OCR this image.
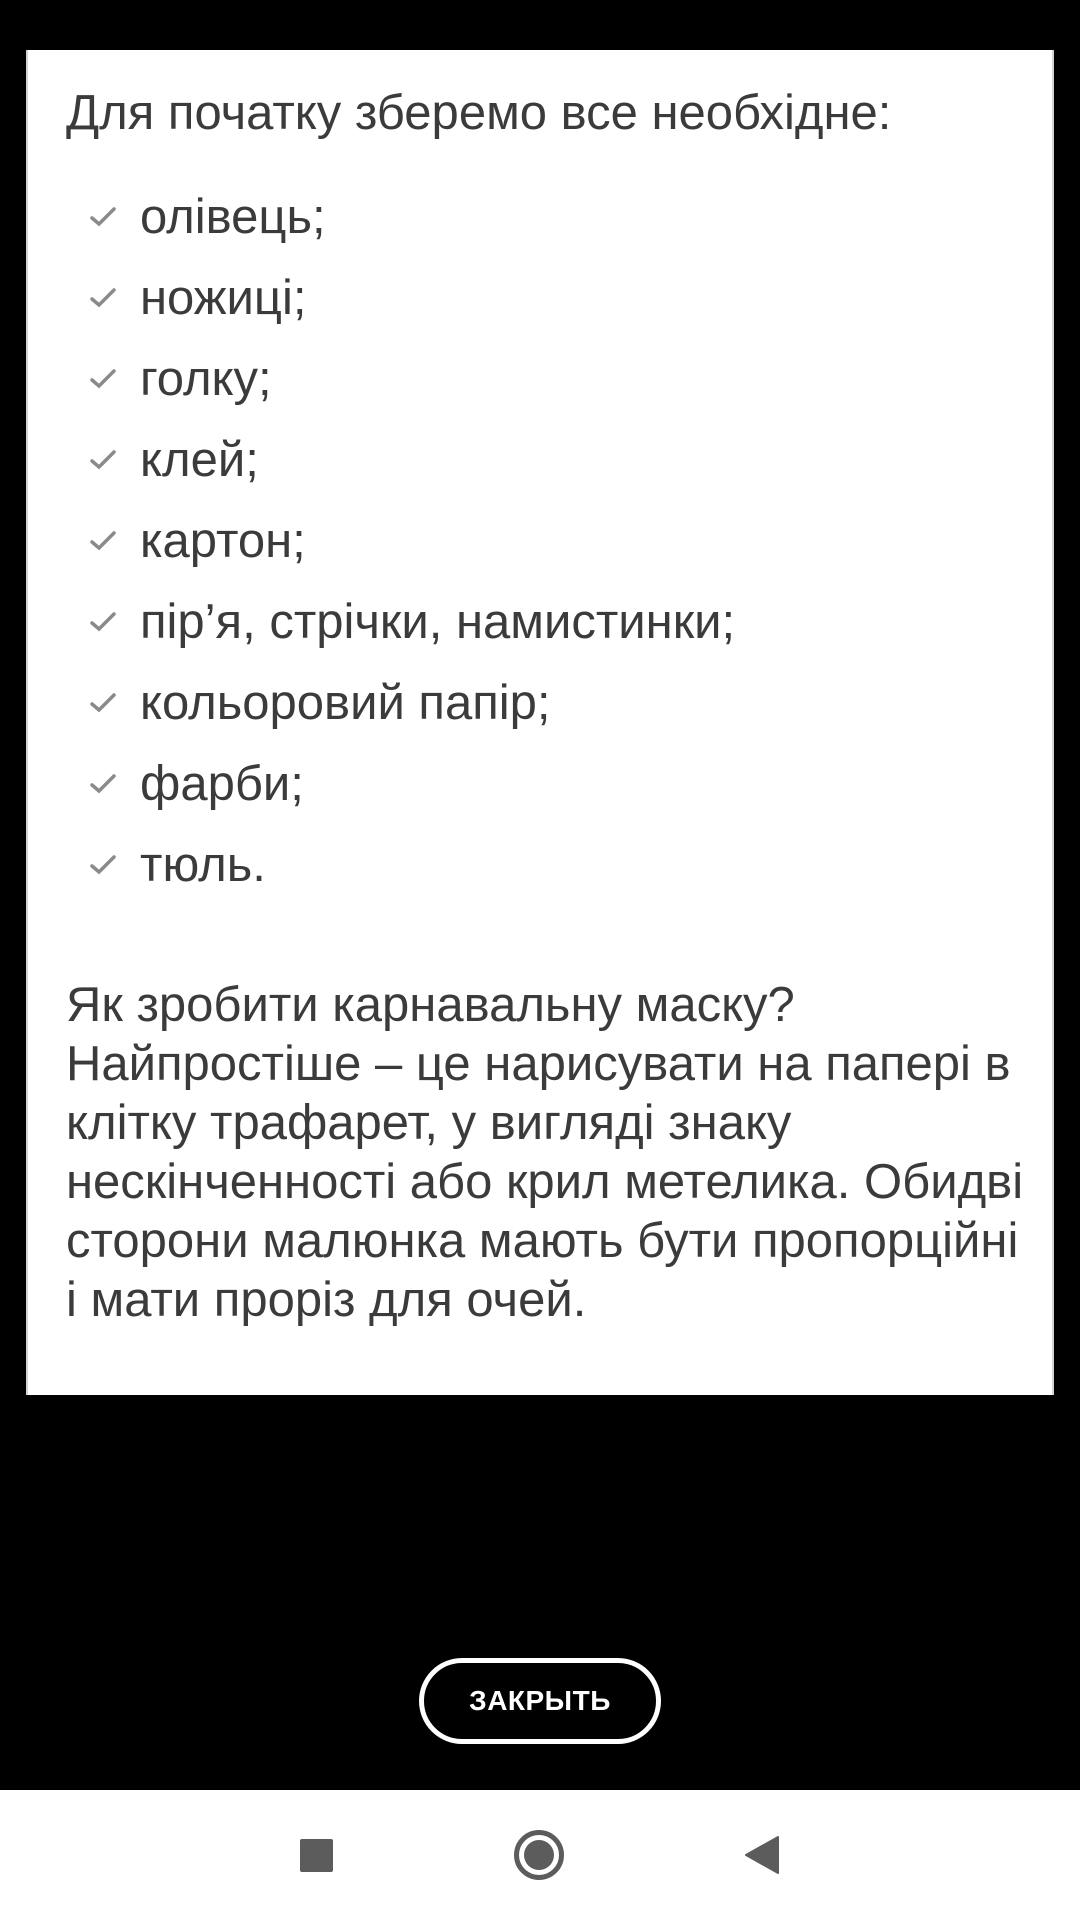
Для початку зберемо все необхідне:
олівець;
ножиці;
голку;
клей;
картон;
пір’я, стрічки, намистинки;
кольоровий папір;
фарби;
тюль.

Як зробити карнавальну маску? Найпростіше – це нарисувати на папері в клітку трафарет, у вигляді знаку нескінченності або крил метелика. Обидві сторони малюнка мають бути пропорційні і мати проріз для очей.

ЗАКРЫТЬ
